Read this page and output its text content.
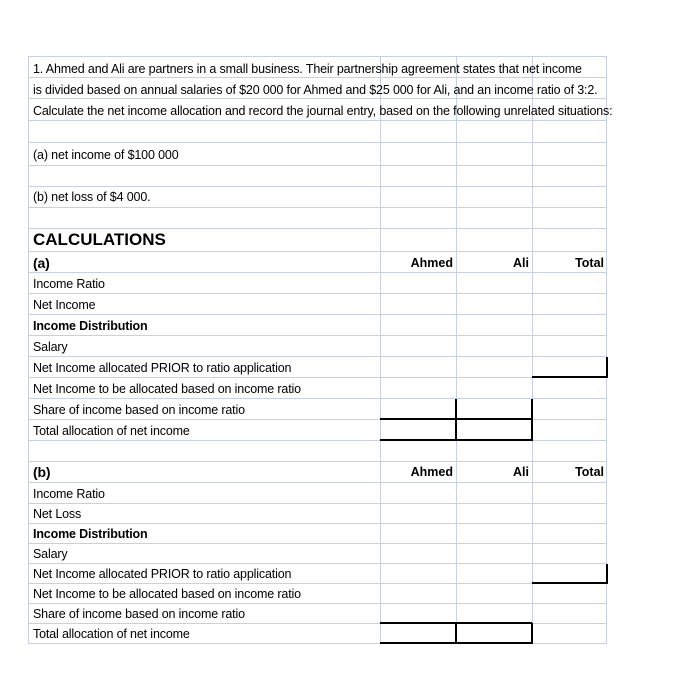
1. Ahmed and Ali are partners in a small business. Their partnership agreement states that net income
is divided based on annual salaries of $20 000 for Ahmed and $25 000 for Ali, and an income ratio of 3:2.
Calculate the net income allocation and record the journal entry, based on the following unrelated situations:
(a) net income of $100 000
(b) net loss of $4 000.
CALCULATIONS
(a)	Ahmed	Ali	Total
Income Ratio
Net Income
Income Distribution
Salary
Net Income allocated PRIOR to ratio application
Net Income to be allocated based on income ratio
Share of income based on income ratio
Total allocation of net income
(b)	Ahmed	Ali	Total
Income Ratio
Net Loss
Income Distribution
Salary
Net Income allocated PRIOR to ratio application
Net Income to be allocated based on income ratio
Share of income based on income ratio
Total allocation of net income
